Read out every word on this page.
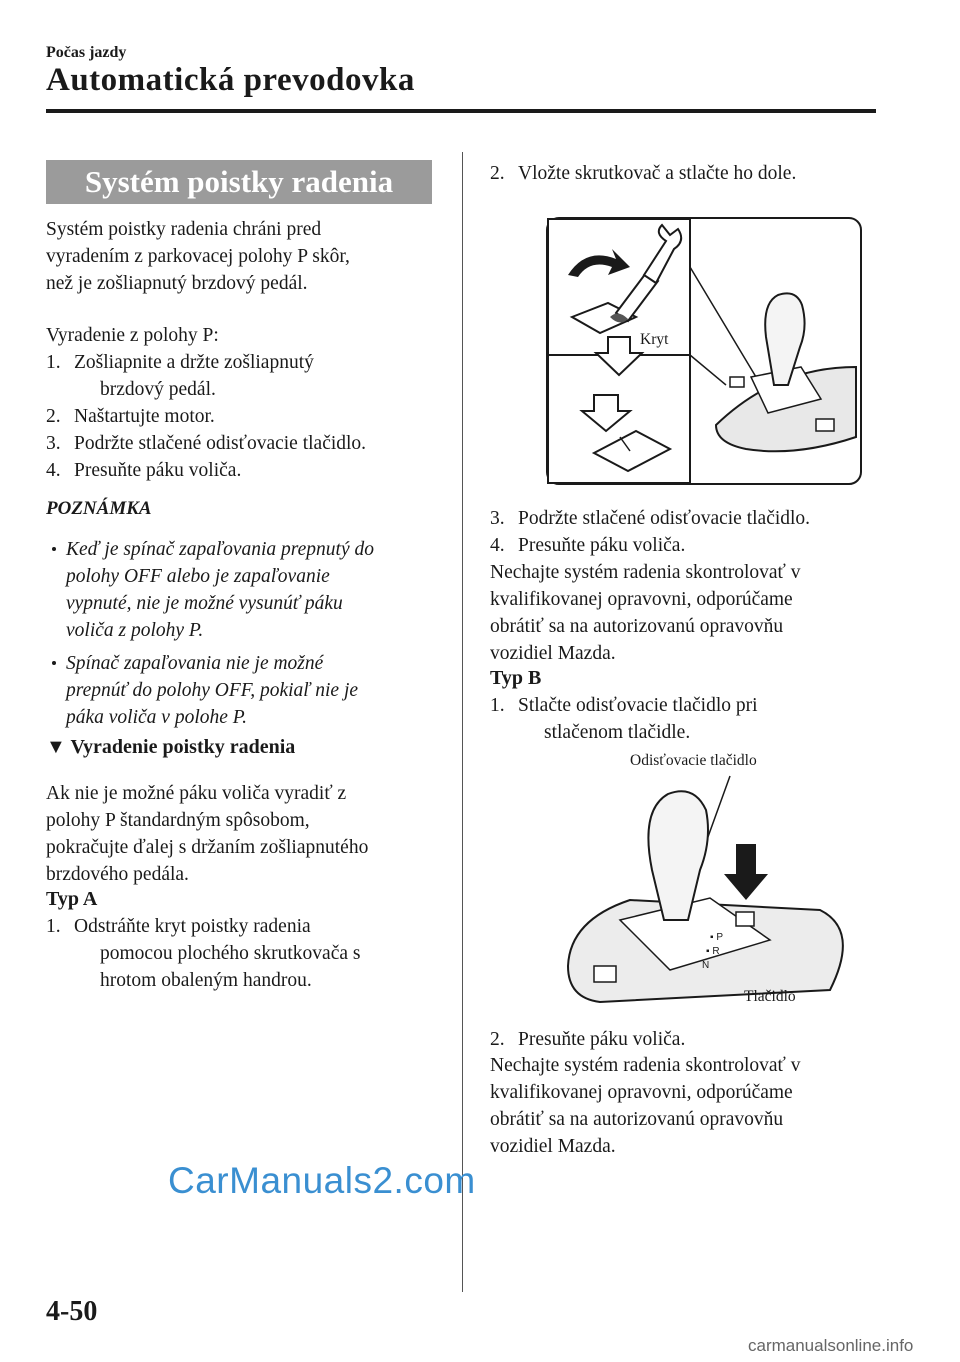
Počas jazdy
Automatická prevodovka
Systém poistky radenia
Systém poistky radenia chráni pred
vyradením z parkovacej polohy P skôr,
než je zošliapnutý brzdový pedál.
Vyradenie z polohy P:
1. Zošliapnite a držte zošliapnutý
brzdový pedál.
2. Naštartujte motor.
3. Podržte stlačené odisťovacie tlačidlo.
4. Presuňte páku voliča.
POZNÁMKA
Keď je spínač zapaľovania prepnutý do
polohy OFF alebo je zapaľovanie
vypnuté, nie je možné vysunúť páku
voliča z polohy P.
Spínač zapaľovania nie je možné
prepnúť do polohy OFF, pokiaľ nie je
páka voliča v polohe P.
▼ Vyradenie poistky radenia
Ak nie je možné páku voliča vyradiť z
polohy P štandardným spôsobom,
pokračujte ďalej s držaním zošliapnutého
brzdového pedála.
Typ A
1. Odstráňte kryt poistky radenia
pomocou plochého skrutkovača s
hrotom obaleným handrou.
2. Vložte skrutkovač a stlačte ho dole.
Kryt
3. Podržte stlačené odisťovacie tlačidlo.
4. Presuňte páku voliča.
Nechajte systém radenia skontrolovať v
kvalifikovanej opravovni, odporúčame
obrátiť sa na autorizovanú opravovňu
vozidiel Mazda.
Typ B
1. Stlačte odisťovacie tlačidlo pri
stlačenom tlačidle.
Odisťovacie tlačidlo
▪ P
▪ R
N
Tlačidlo
2. Presuňte páku voliča.
Nechajte systém radenia skontrolovať v
kvalifikovanej opravovni, odporúčame
obrátiť sa na autorizovanú opravovňu
vozidiel Mazda.
CarManuals2.com
4-50
carmanualsonline.info
